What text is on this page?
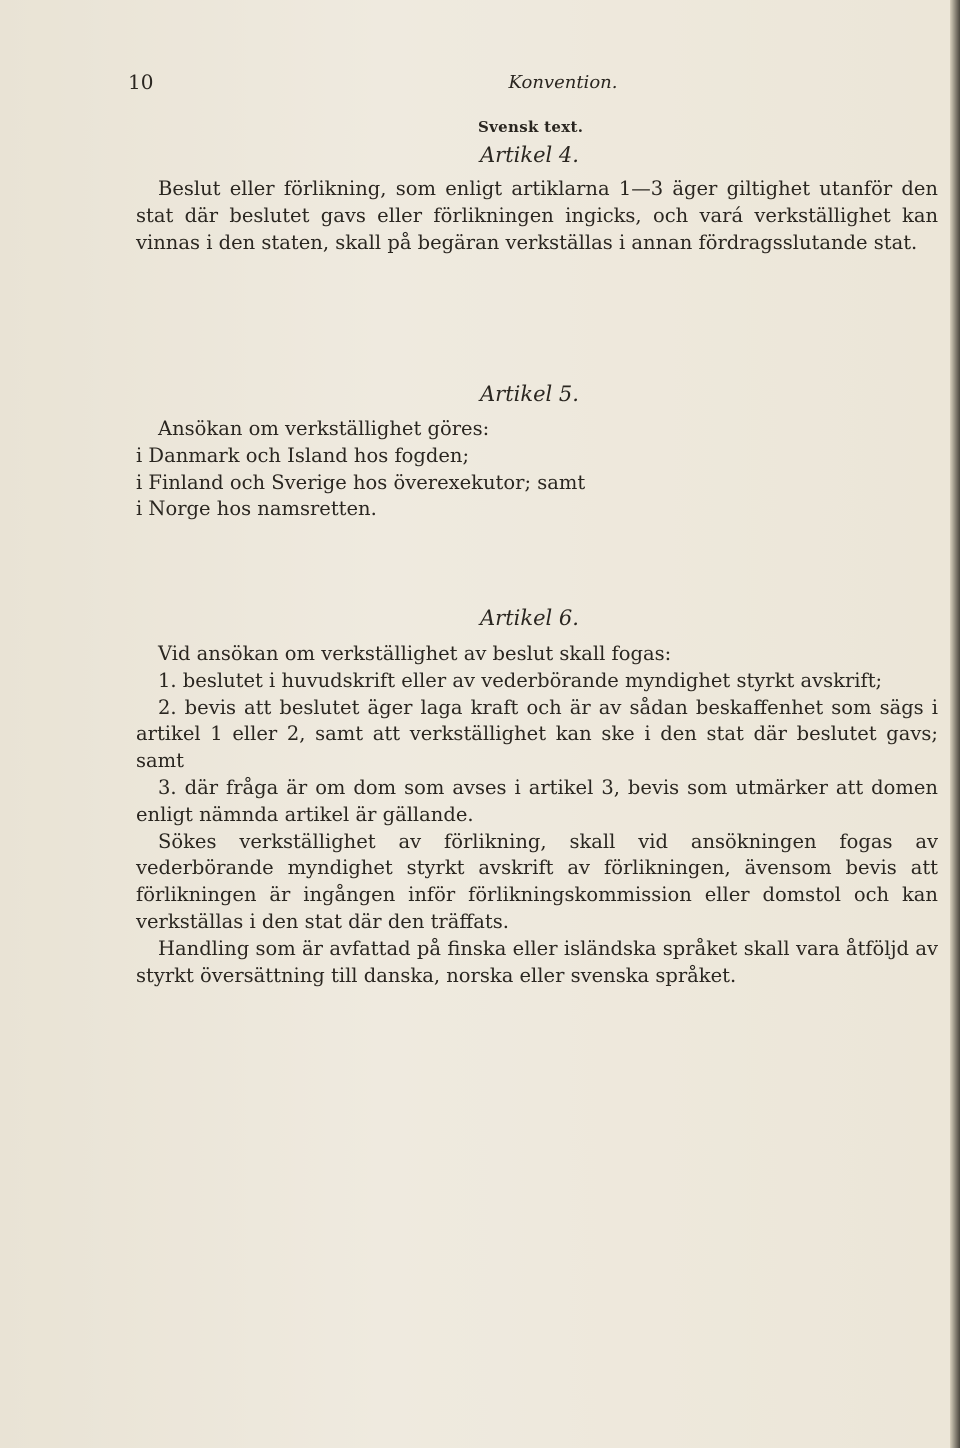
10	Konvention.
Svensk text.
Artikel 4.

Beslut eller förlikning, som enligt artiklarna 1—3 äger giltighet utanför den stat där beslutet gavs eller förlikningen ingicks, och vará verkställighet kan vinnas i den staten, skall på begäran verkställas i annan fördragsslutande stat.

Artikel 5.
Ansökan om verkställighet göres:
i Danmark och Island hos fogden;
i Finland och Sverige hos överexekutor; samt
i Norge hos namsretten.
Artikel 6.

Vid ansökan om verkställighet av beslut skall fogas:

1. beslutet i huvudskrift eller av vederbörande myndighet styrkt avskrift;

2. bevis att beslutet äger laga kraft och är av sådan beskaffenhet som sägs i artikel 1 eller 2, samt att verkställighet kan ske i den stat där beslutet gavs; samt

3. där fråga är om dom som avses i artikel 3, bevis som utmärker att domen enligt nämnda artikel är gällande.

Sökes verkställighet av förlikning, skall vid ansökningen fogas av vederbörande myndighet styrkt avskrift av förlikningen, ävensom bevis att förlikningen är ingången inför förlikningskommission eller domstol och kan verkställas i den stat där den träffats.

Handling som är avfattad på finska eller isländska språket skall vara åtföljd av styrkt översättning till danska, norska eller svenska språket.
